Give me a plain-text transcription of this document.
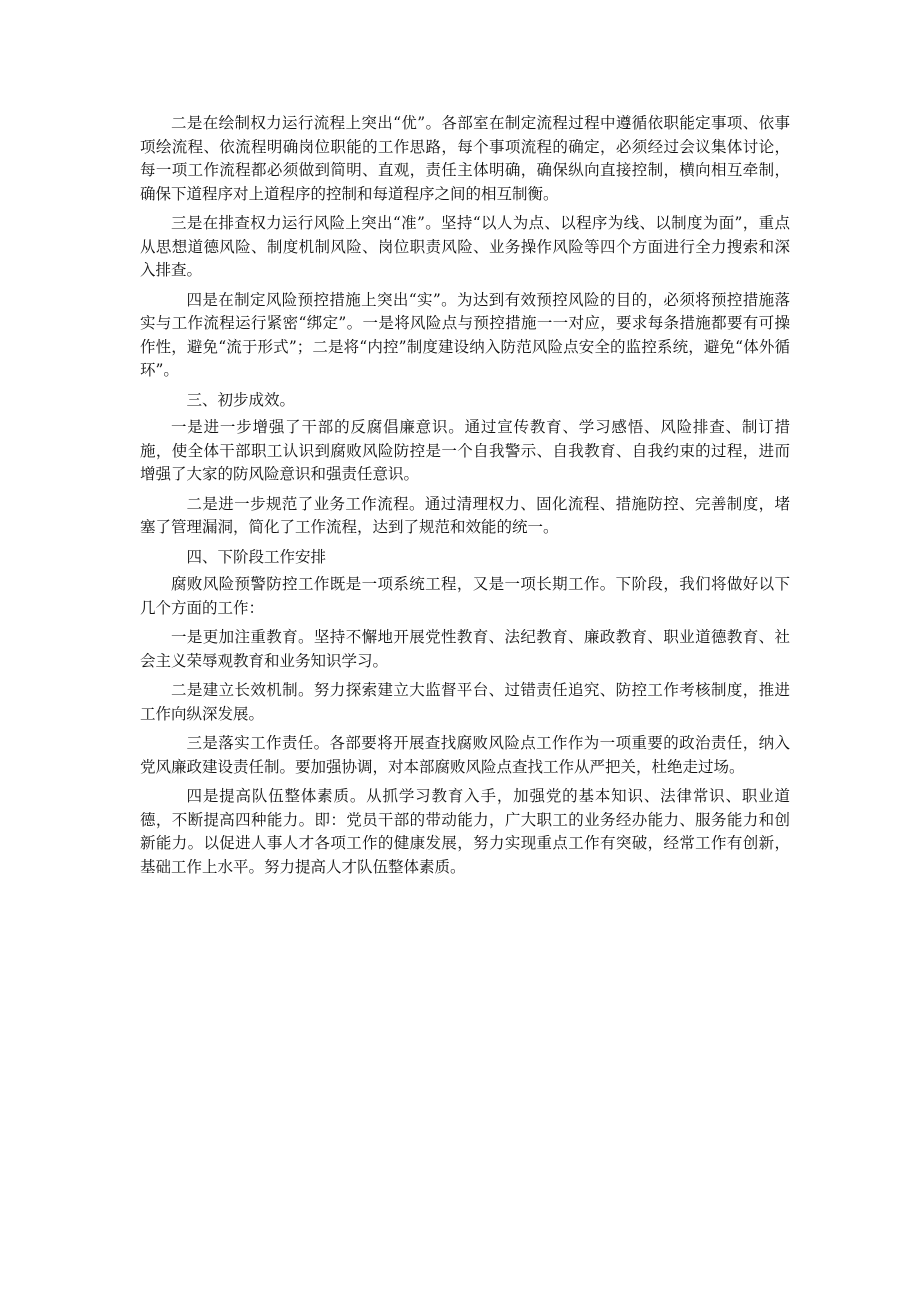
二是在绘制权力运行流程上突出“优”。各部室在制定流程过程中遵循依职能定事项、依事项绘流程、依流程明确岗位职能的工作思路，每个事项流程的确定，必须经过会议集体讨论，每一项工作流程都必须做到简明、直观，责任主体明确，确保纵向直接控制，横向相互牵制，确保下道程序对上道程序的控制和每道程序之间的相互制衡。

三是在排查权力运行风险上突出“准”。坚持“以人为点、以程序为线、以制度为面”，重点从思想道德风险、制度机制风险、岗位职责风险、业务操作风险等四个方面进行全力搜索和深入排查。

四是在制定风险预控措施上突出“实”。为达到有效预控风险的目的，必须将预控措施落实与工作流程运行紧密“绑定”。一是将风险点与预控措施一一对应，要求每条措施都要有可操作性，避免“流于形式”；二是将“内控”制度建设纳入防范风险点安全的监控系统，避免“体外循环”。

三、初步成效。

一是进一步增强了干部的反腐倡廉意识。通过宣传教育、学习感悟、风险排查、制订措施，使全体干部职工认识到腐败风险防控是一个自我警示、自我教育、自我约束的过程，进而增强了大家的防风险意识和强责任意识。

二是进一步规范了业务工作流程。通过清理权力、固化流程、措施防控、完善制度，堵塞了管理漏洞，简化了工作流程，达到了规范和效能的统一。

四、下阶段工作安排

腐败风险预警防控工作既是一项系统工程，又是一项长期工作。下阶段，我们将做好以下几个方面的工作：

一是更加注重教育。坚持不懈地开展党性教育、法纪教育、廉政教育、职业道德教育、社会主义荣辱观教育和业务知识学习。

二是建立长效机制。努力探索建立大监督平台、过错责任追究、防控工作考核制度，推进工作向纵深发展。

三是落实工作责任。各部要将开展查找腐败风险点工作作为一项重要的政治责任，纳入党风廉政建设责任制。要加强协调，对本部腐败风险点查找工作从严把关，杜绝走过场。

四是提高队伍整体素质。从抓学习教育入手，加强党的基本知识、法律常识、职业道德，不断提高四种能力。即：党员干部的带动能力，广大职工的业务经办能力、服务能力和创新能力。以促进人事人才各项工作的健康发展，努力实现重点工作有突破，经常工作有创新，基础工作上水平。努力提高人才队伍整体素质。
